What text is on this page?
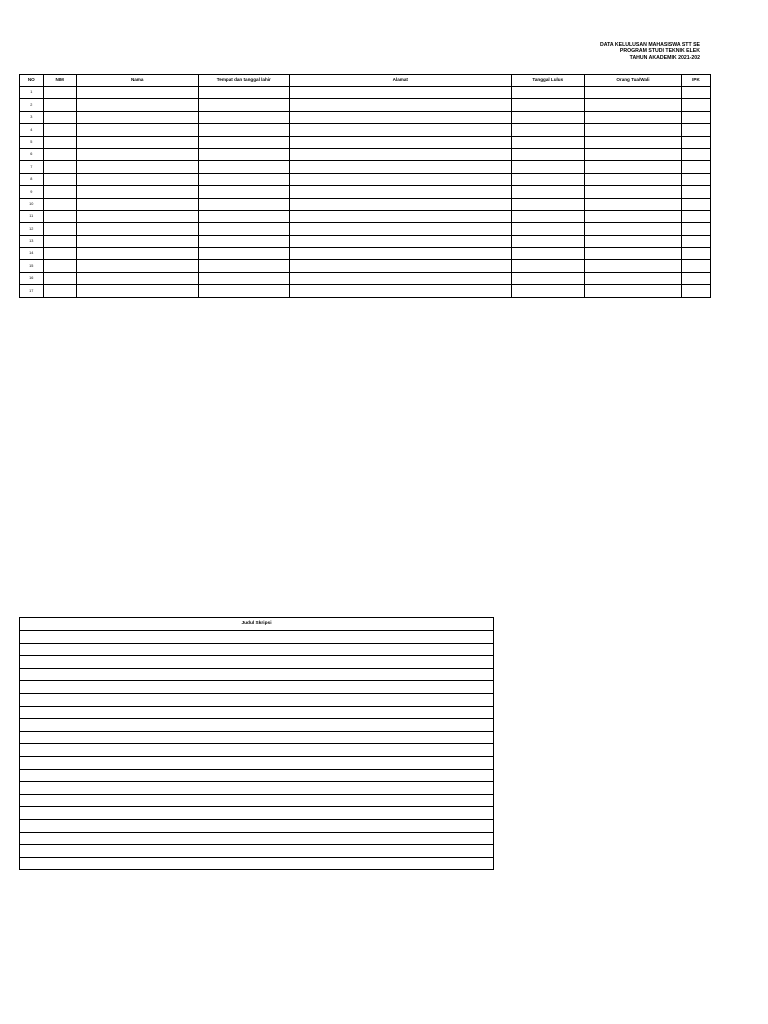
DATA KELULUSAN MAHASISWA STT SE
PROGRAM STUDI TEKNIK ELEK
TAHUN AKADEMIK 2021-202
NO	NIM	Nama	Tempat dan tanggal lahir	Alamat	Tanggal Lulus	Orang Tua/Wali	IPK
1							
2							
3							
4							
5							
6							
7							
8							
9							
10							
11							
12							
13							
14							
15							
16							
17							
Judul Skripsi
